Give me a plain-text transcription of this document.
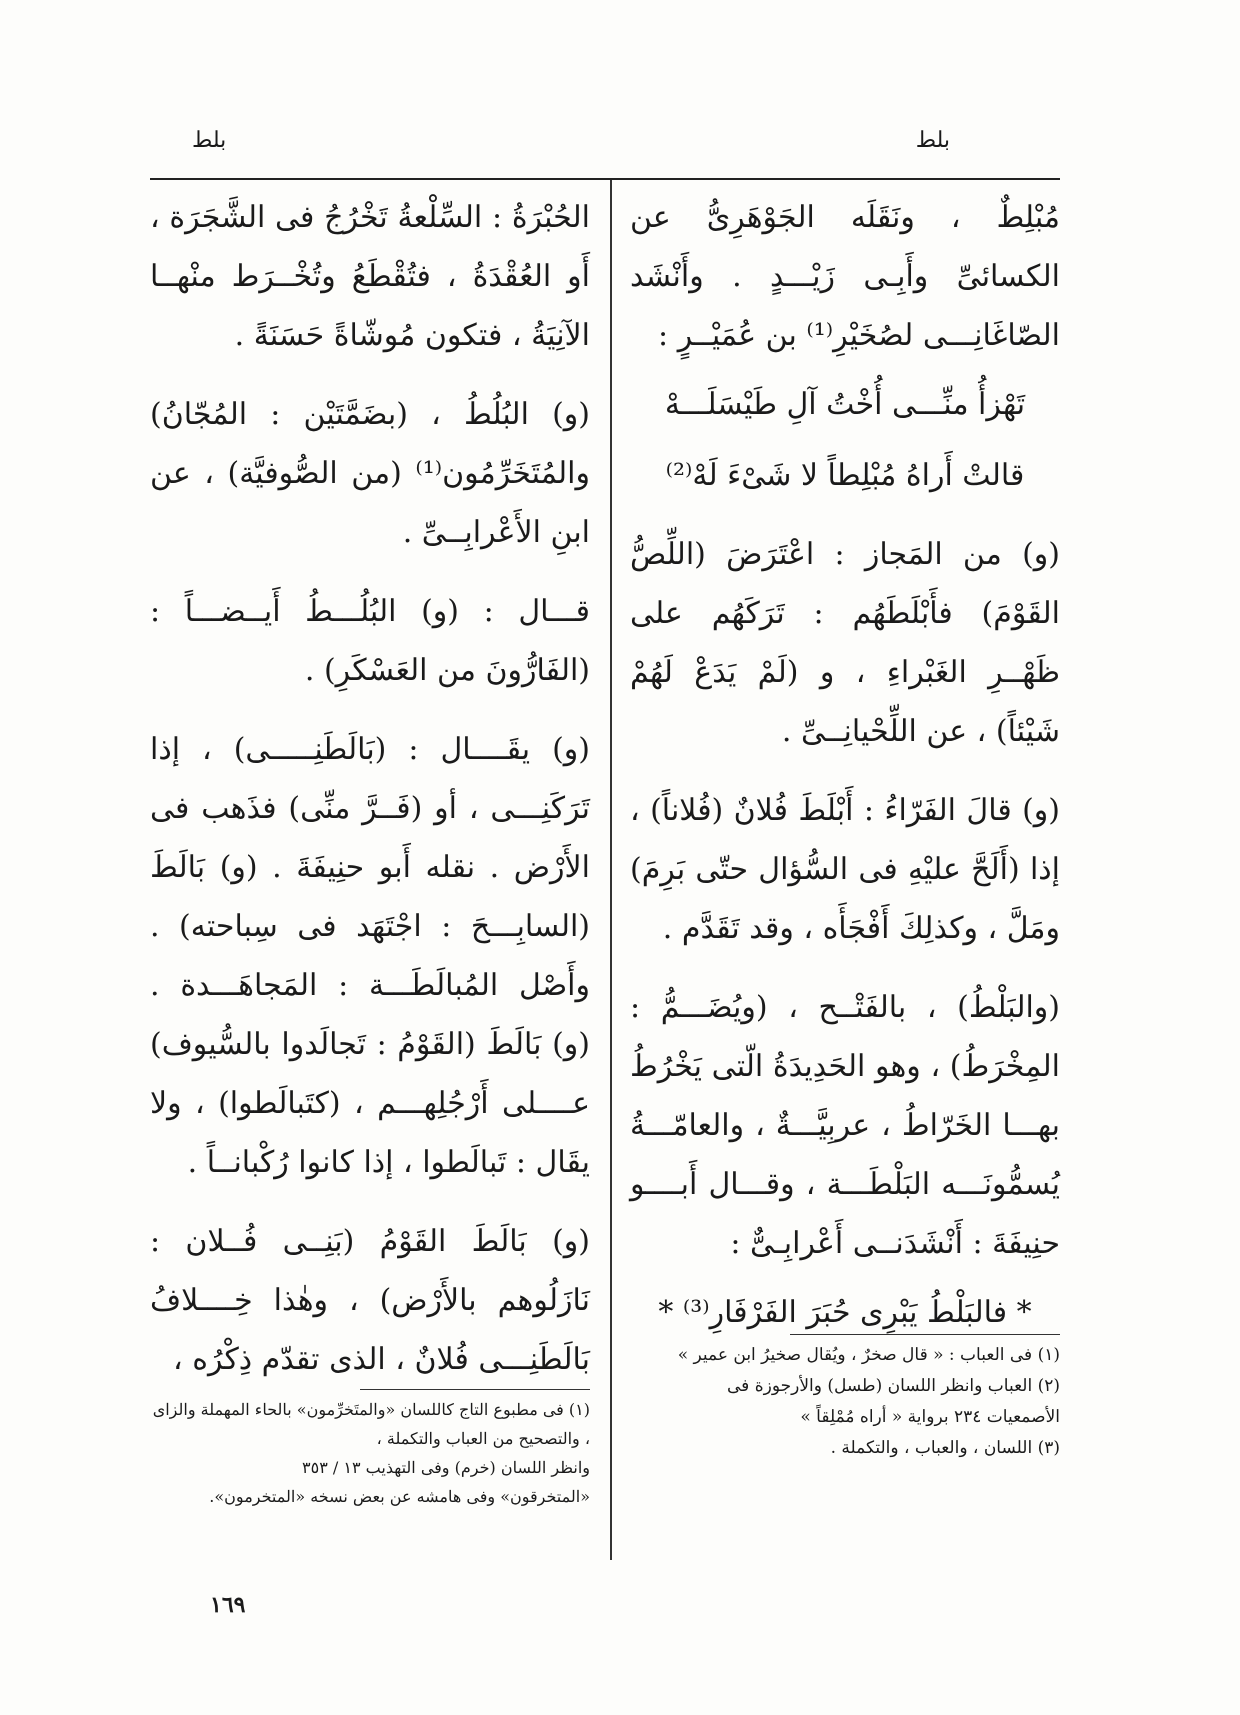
بلط
بلط

مُبْلِطٌ ، ونَقَلَه الجَوْهَرِىُّ عن الكسائىِّ وأَبِـى زَيْـــدٍ . وأَنْشَد الصّاغَانِـــى لصُخَيْرِ⁽¹⁾ بن عُمَيْــرٍ :

تَهْزأُ منِّـــى أُخْتُ آلِ طَيْسَلَـــهْ
قالتْ أَراهُ مُبْلِطاً لا شَىْءَ لَهْ⁽²⁾

(و) من المَجاز : اعْتَرَضَ (اللِّصُّ القَوْمَ) فأَبْلَطَهُم : تَرَكَهُم على ظَهْــرِ الغَبْراءِ ، و (لَمْ يَدَعْ لَهُمْ شَيْئاً) ، عن اللِّحْيانِــىِّ .

(و) قالَ الفَرّاءُ : أَبْلَطَ فُلانٌ (فُلاناً) ، إذا (أَلَحَّ عليْهِ فى السُّؤال حتّى بَرِمَ) ومَلَّ ، وكذلِكَ أَفْجَأَه ، وقد تَقَدَّم .

(والبَلْطُ) ، بالفَتْــح ، (ويُضَـــمُّ : المِخْرَطُ) ، وهو الحَدِيدَةُ الّتى يَخْرُطُ بهـــا الخَرّاطُ ، عربِيَّـــةٌ ، والعامّـــةُ يُسمُّونَـــه البَلْطَـــة ، وقـــال أَبــــو حنِيفَةَ : أَنْشَدَنــى أَعْرابِـىٌّ :

* فالبَلْطُ يَبْرِى حُبَرَ الفَرْفَارِ⁽³⁾ *

الحُبْرَةُ : السِّلْعةُ تَخْرُجُ فى الشَّجَرَة ، أَو العُقْدَةُ ، فتُقْطَعُ وتُخْــرَط منْهــا الآنِيَةُ ، فتكون مُوشّاةً حَسَنَةً .

(و) البُلُطُ ، (بضَمَّتَيْن : المُجّانُ) والمُتَخَرِّمُون⁽¹⁾ (من الصُّوفيَّة) ، عن ابنِ الأَعْرابِــىِّ .

قـــال : (و) البُلُـــطُ أَيــضـــاً : (الفَارُّونَ من العَسْكَرِ) .

(و) يقَــــال : (بَالَطَنِـــــى) ، إذا تَرَكَنِـــى ، أو (فَــرَّ منِّى) فذَهب فى الأَرْض . نقله أَبو حنِيفَةَ . (و) بَالَطَ (السابِـــحَ : اجْتَهَد فى سِباحته) . وأَصْل المُبالَطَـــة : المَجاهَـــدة . (و) بَالَطَ (القَوْمُ : تَجالَدوا بالسُّيوف) عــــلى أَرْجُلِهـــم ، (كتَبالَطوا) ، ولا يقَال : تَبالَطوا ، إذا كانوا رُكْبانــاً .

(و) بَالَطَ القَوْمُ (بَنِــى فُــلان : نَازَلُوهم بالأَرْض) ، وهٰذا خِــــلافُ بَالَطَنِـــى فُلانٌ ، الذى تقدّم ذِكْرُه ،	(١) فى العباب : « قال صخرٌ ، ويُقال صخيرُ ابن عمير »

(٢) العباب وانظر اللسان (طسل) والأرجوزة فى الأصمعيات ٢٣٤ برواية « أراه مُمْلِقاً »

(٣) اللسان ، والعباب ، والتكملة .

(١) فى مطبوع التاج كاللسان «والمتَخرِّمون» بالحاء المهملة والزاى ، والتصحيح من العباب والتكملة ،

وانظر اللسان (خرم) وفى التهذيب ١٣ / ٣٥٣

«المتخرقون» وفى هامشه عن بعض نسخه «المتخرمون».

١٦٩
